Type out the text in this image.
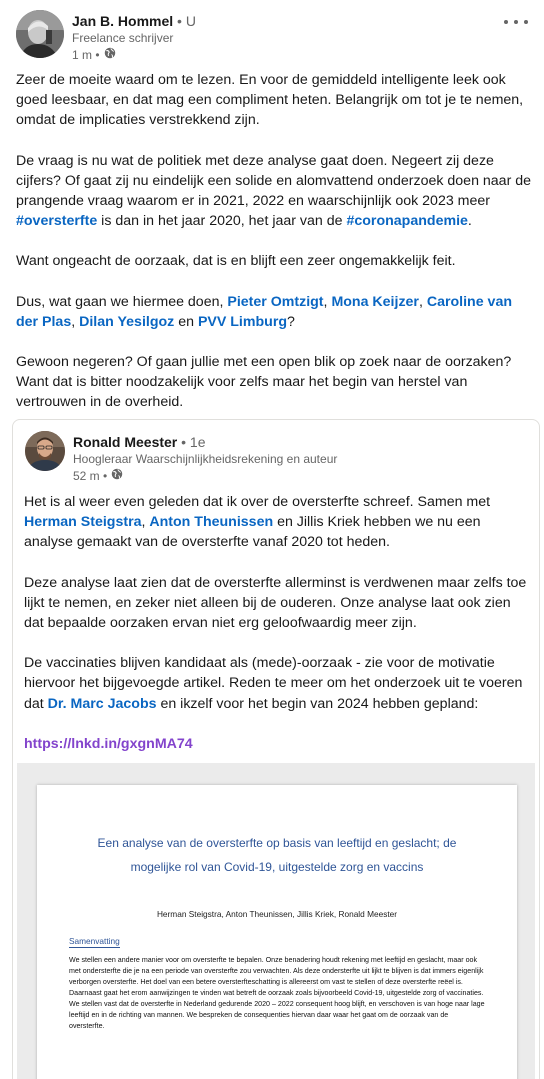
Jan B. Hommel • U
Freelance schrijver
1 m •

Zeer de moeite waard om te lezen. En voor de gemiddeld intelligente leek ook goed leesbaar, en dat mag een compliment heten. Belangrijk om tot je te nemen, omdat de implicaties verstrekkend zijn.

De vraag is nu wat de politiek met deze analyse gaat doen. Negeert zij deze cijfers? Of gaat zij nu eindelijk een solide en alomvattend onderzoek doen naar de prangende vraag waarom er in 2021, 2022 en waarschijnlijk ook 2023 meer #oversterfte is dan in het jaar 2020, het jaar van de #coronapandemie.

Want ongeacht de oorzaak, dat is en blijft een zeer ongemakkelijk feit.

Dus, wat gaan we hiermee doen, Pieter Omtzigt, Mona Keijzer, Caroline van der Plas, Dilan Yesilgoz en PVV Limburg?

Gewoon negeren? Of gaan jullie met een open blik op zoek naar de oorzaken? Want dat is bitter noodzakelijk voor zelfs maar het begin van herstel van vertrouwen in de overheid.

Ronald Meester • 1e
Hoogleraar Waarschijnlijkheidsrekening en auteur
52 m •

Het is al weer even geleden dat ik over de oversterfte schreef. Samen met Herman Steigstra, Anton Theunissen en Jillis Kriek hebben we nu een analyse gemaakt van de oversterfte vanaf 2020 tot heden.

Deze analyse laat zien dat de oversterfte allerminst is verdwenen maar zelfs toe lijkt te nemen, en zeker niet alleen bij de ouderen. Onze analyse laat ook zien dat bepaalde oorzaken ervan niet erg geloofwaardig meer zijn.

De vaccinaties blijven kandidaat als (mede)-oorzaak - zie voor de motivatie hiervoor het bijgevoegde artikel. Reden te meer om het onderzoek uit te voeren dat Dr. Marc Jacobs en ikzelf voor het begin van 2024 hebben gepland:

https://lnkd.in/gxgnMA74

Een analyse van de oversterfte op basis van leeftijd en geslacht; de
mogelijke rol van Covid-19, uitgestelde zorg en vaccins
Herman Steigstra, Anton Theunissen, Jillis Kriek, Ronald Meester
Samenvatting
We stellen een andere manier voor om oversterfte te bepalen. Onze benadering houdt rekening met leeftijd en geslacht, maar ook met ondersterfte die je na een periode van oversterfte zou verwachten. Als deze ondersterfte uit lijkt te blijven is dat immers eigenlijk verborgen oversterfte. Het doel van een betere oversterfteschatting is allereerst om vast te stellen of deze oversterfte reëel is. Daarnaast gaat het erom aanwijzingen te vinden wat betreft de oorzaak zoals bijvoorbeeld Covid-19, uitgestelde zorg of vaccinaties. We stellen vast dat de oversterfte in Nederland gedurende 2020 – 2022 consequent hoog blijft, en verschoven is van hoge naar lage leeftijd en in de richting van mannen. We bespreken de consequenties hiervan daar waar het gaat om de oorzaak van de oversterfte.
